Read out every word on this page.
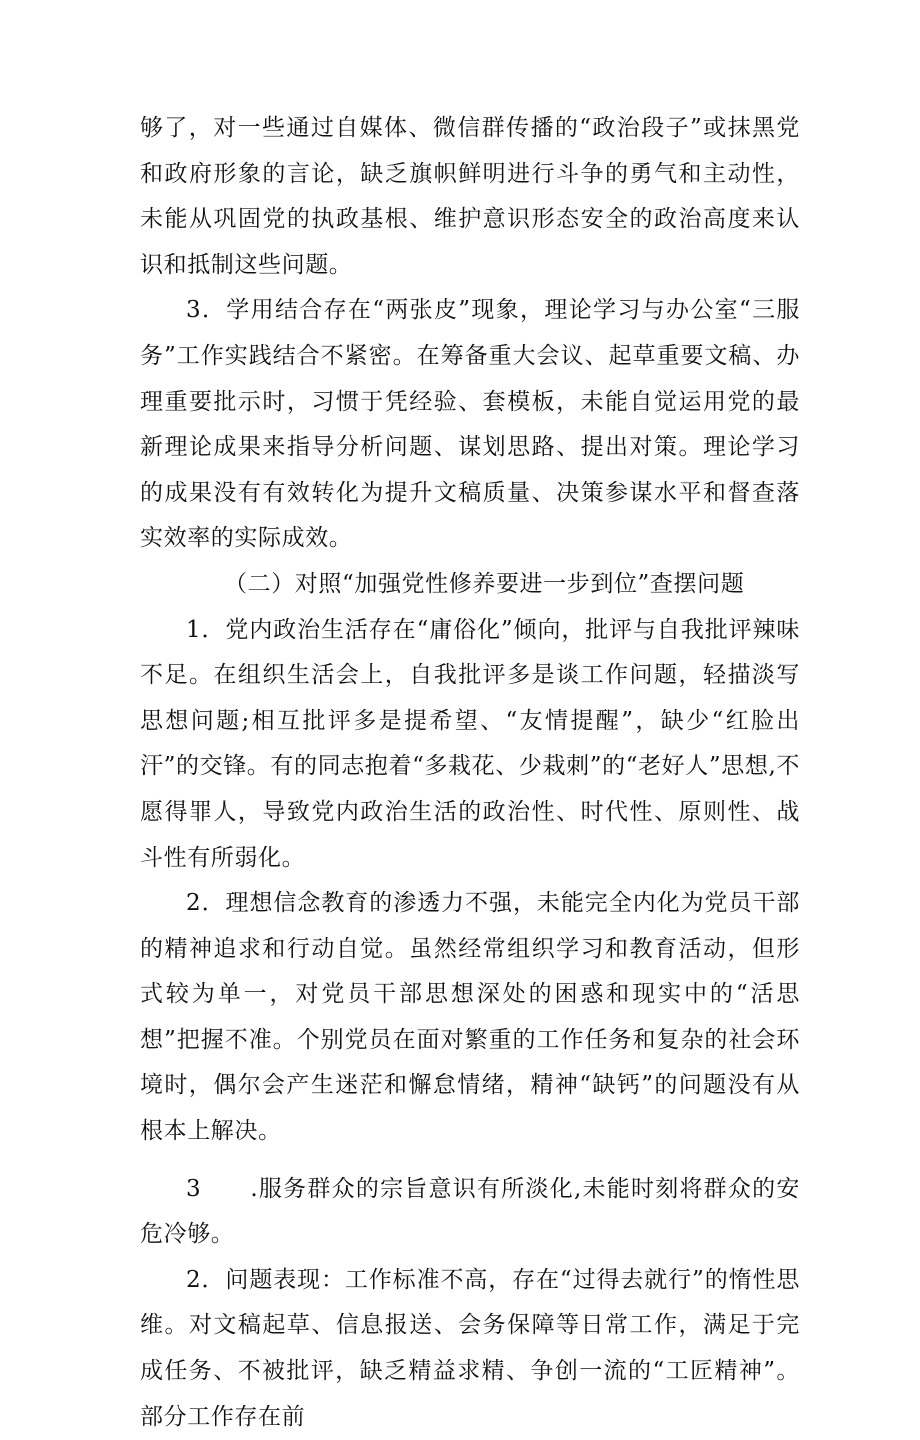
够了，对一些通过自媒体、微信群传播的“政治段子”或抹黑党和政府形象的言论，缺乏旗帜鲜明进行斗争的勇气和主动性，未能从巩固党的执政基根、维护意识形态安全的政治高度来认识和抵制这些问题。

3．学用结合存在“两张皮”现象，理论学习与办公室“三服务”工作实践结合不紧密。在筹备重大会议、起草重要文稿、办理重要批示时，习惯于凭经验、套模板，未能自觉运用党的最新理论成果来指导分析问题、谋划思路、提出对策。理论学习的成果没有有效转化为提升文稿质量、决策参谋水平和督查落实效率的实际成效。

（二）对照“加强党性修养要进一步到位”查摆问题

1．党内政治生活存在“庸俗化”倾向，批评与自我批评辣味不足。在组织生活会上，自我批评多是谈工作问题，轻描淡写思想问题;相互批评多是提希望、“友情提醒”，缺少“红脸出汗”的交锋。有的同志抱着“多栽花、少栽刺”的“老好人”思想,不愿得罪人，导致党内政治生活的政治性、时代性、原则性、战斗性有所弱化。

2．理想信念教育的渗透力不强，未能完全内化为党员干部的精神追求和行动自觉。虽然经常组织学习和教育活动，但形式较为单一，对党员干部思想深处的困惑和现实中的“活思想”把握不准。个别党员在面对繁重的工作任务和复杂的社会环境时，偶尔会产生迷茫和懈怠情绪，精神“缺钙”的问题没有从根本上解决。

3　　.服务群众的宗旨意识有所淡化,未能时刻将群众的安危冷够。

2．问题表现：工作标准不高，存在“过得去就行”的惰性思维。对文稿起草、信息报送、会务保障等日常工作，满足于完成任务、不被批评，缺乏精益求精、争创一流的“工匠精神”。部分工作存在前
